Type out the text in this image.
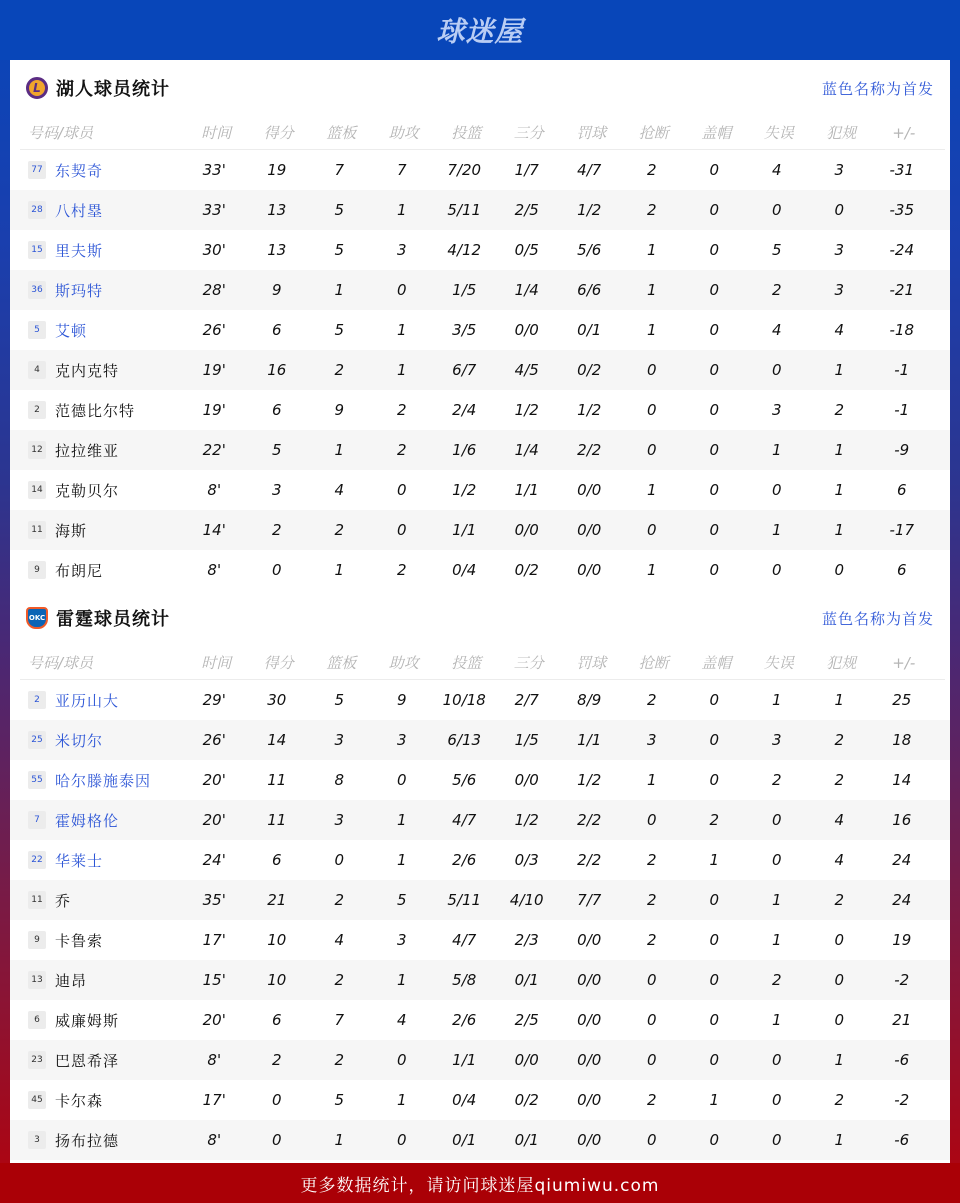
球迷屋
L 湖人球员统计	蓝色名称为首发
号码/球员	时间	得分	篮板	助攻	投篮	三分	罚球	抢断	盖帽	失误	犯规	+/-
77 东契奇	33'	19	7	7	7/20	1/7	4/7	2	0	4	3	-31
28 八村塁	33'	13	5	1	5/11	2/5	1/2	2	0	0	0	-35
15 里夫斯	30'	13	5	3	4/12	0/5	5/6	1	0	5	3	-24
36 斯玛特	28'	9	1	0	1/5	1/4	6/6	1	0	2	3	-21
5	艾顿	26'	6	5	1	3/5	0/0	0/1	1	0	4	4	-18
4	克内克特	19'	16	2	1	6/7	4/5	0/2	0	0	0	1	-1
2	范德比尔特	19'	6	9	2	2/4	1/2	1/2	0	0	3	2	-1
12 拉拉维亚	22'	5	1	2	1/6	1/4	2/2	0	0	1	1	-9
14 克勒贝尔	8'	3	4	0	1/2	1/1	0/0	1	0	0	1	6
11 海斯	14'	2	2	0	1/1	0/0	0/0	0	0	1	1	-17
9	布朗尼	8'	0	1	2	0/4	0/2	0/0	1	0	0	0	6
OKC 雷霆球员统计	蓝色名称为首发
号码/球员	时间	得分	篮板	助攻	投篮	三分	罚球	抢断	盖帽	失误	犯规	+/-
2	亚历山大	29'	30	5	9	10/18	2/7	8/9	2	0	1	1	25
25 米切尔	26'	14	3	3	6/13	1/5	1/1	3	0	3	2	18
55 哈尔滕施泰因	20'	11	8	0	5/6	0/0	1/2	1	0	2	2	14
7	霍姆格伦	20'	11	3	1	4/7	1/2	2/2	0	2	0	4	16
22 华莱士	24'	6	0	1	2/6	0/3	2/2	2	1	0	4	24
11 乔	35'	21	2	5	5/11	4/10	7/7	2	0	1	2	24
9	卡鲁索	17'	10	4	3	4/7	2/3	0/0	2	0	1	0	19
13 迪昂	15'	10	2	1	5/8	0/1	0/0	0	0	2	0	-2
6	威廉姆斯	20'	6	7	4	2/6	2/5	0/0	0	0	1	0	21
23 巴恩希泽	8'	2	2	0	1/1	0/0	0/0	0	0	0	1	-6
45 卡尔森	17'	0	5	1	0/4	0/2	0/0	2	1	0	2	-2
3	扬布拉德	8'	0	1	0	0/1	0/1	0/0	0	0	0	1	-6
更多数据统计，请访问球迷屋qiumiwu.com
